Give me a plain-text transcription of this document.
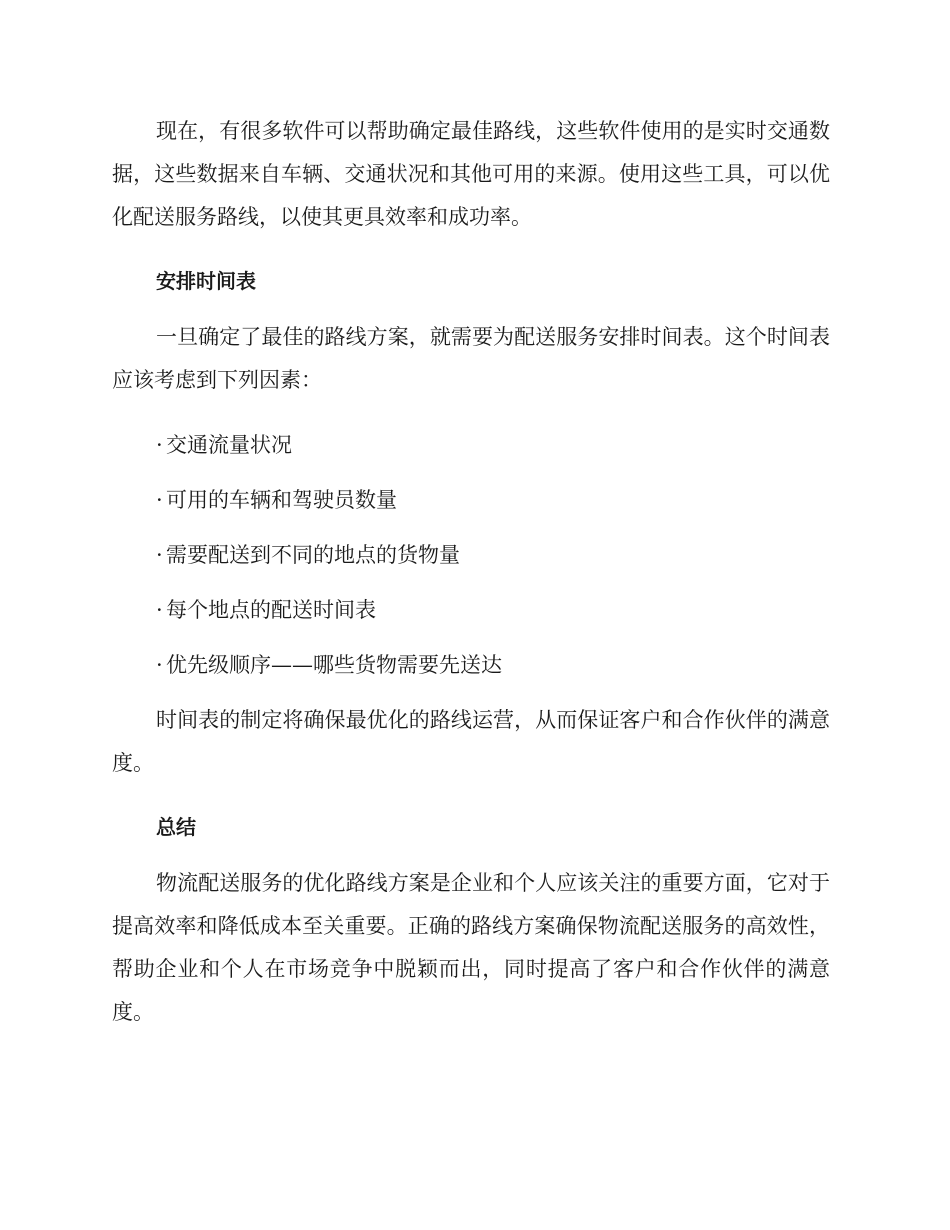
现在，有很多软件可以帮助确定最佳路线，这些软件使用的是实时交通数据，这些数据来自车辆、交通状况和其他可用的来源。使用这些工具，可以优化配送服务路线，以使其更具效率和成功率。

安排时间表

一旦确定了最佳的路线方案，就需要为配送服务安排时间表。这个时间表应该考虑到下列因素：

· 交通流量状况
· 可用的车辆和驾驶员数量
· 需要配送到不同的地点的货物量
· 每个地点的配送时间表
· 优先级顺序——哪些货物需要先送达

时间表的制定将确保最优化的路线运营，从而保证客户和合作伙伴的满意度。

总结

物流配送服务的优化路线方案是企业和个人应该关注的重要方面，它对于提高效率和降低成本至关重要。正确的路线方案确保物流配送服务的高效性，帮助企业和个人在市场竞争中脱颖而出，同时提高了客户和合作伙伴的满意度。
